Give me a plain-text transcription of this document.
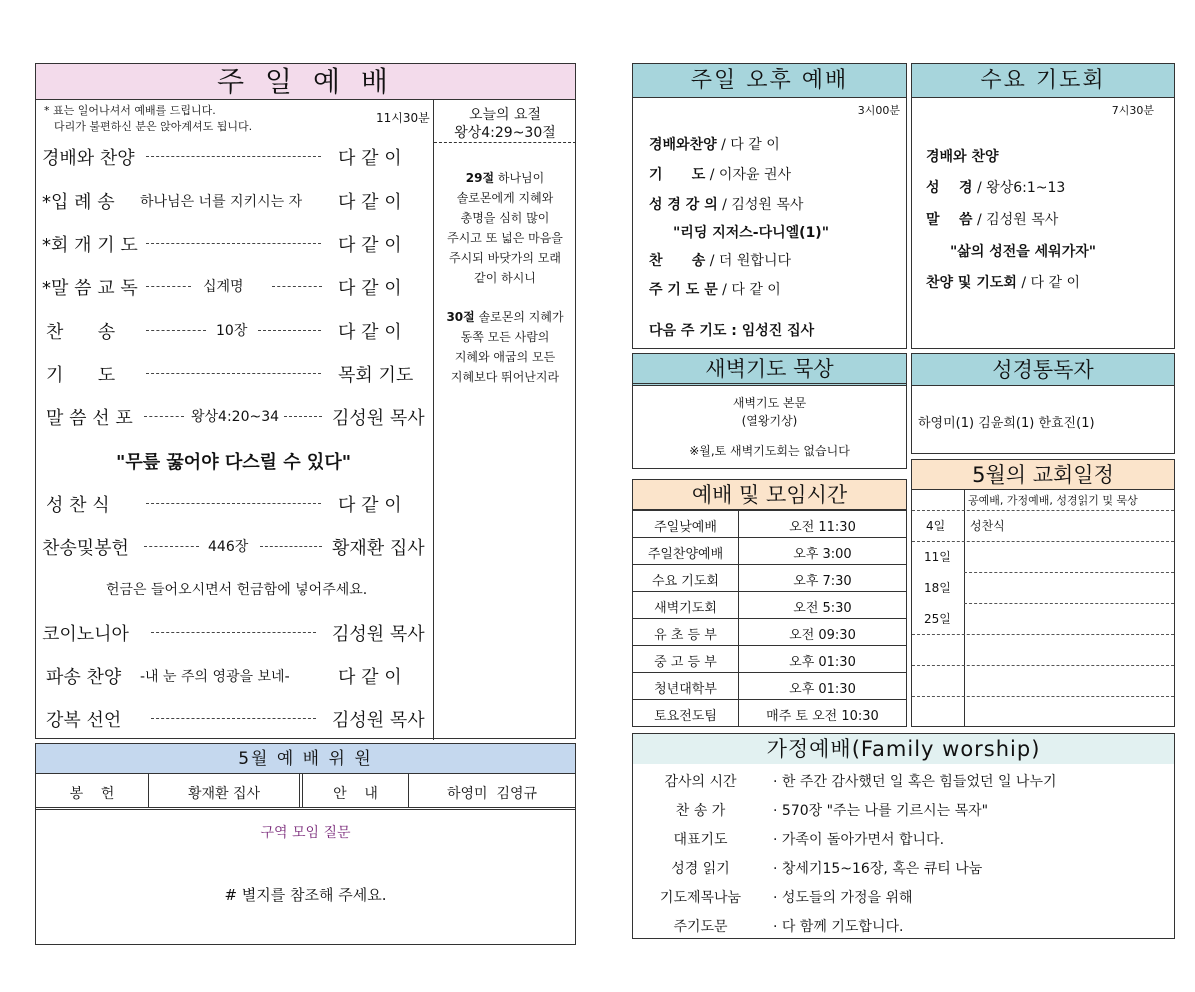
주 일 예 배
* 표는 일어나셔서 예배를 드립니다.
다리가 불편하신 분은 앉아계셔도 됩니다.
11시30분	오늘의 요절
왕상4:29~30절
29절 하나님이
솔로몬에게 지혜와
총명을 심히 많이
주시고 또 넓은 마음을
주시되 바닷가의 모래
같이 하시니
30절 솔로몬의 지혜가
동쪽 모든 사람의
지혜와 애굽의 모든
지혜보다 뛰어난지라
경배와 찬양	다 같 이
*입 례 송 하나님은 너를 지키시는 자 다 같 이
*회 개 기 도	다 같 이
*말 씀 교 독	십계명	다 같 이
찬      송	10장	다 같 이
기      도	목회 기도
말 씀 선 포	왕상4:20~34	김성원 목사
"무릎 꿇어야 다스릴 수 있다"
성 찬 식	다 같 이
찬송및봉헌	446장	황재환 집사
헌금은 들어오시면서 헌금함에 넣어주세요.
코이노니아	김성원 목사
파송 찬양 -내 눈 주의 영광을 보네-	다 같 이
강복 선언	김성원 목사
5월 예 배 위 원
봉    헌	황재환 집사	안    내	하영미  김영규
구역 모임 질문
# 별지를 참조해 주세요.
주일 오후 예배
3시00분
경배와찬양 / 다 같 이
기      도 / 이자윤 권사
성 경 강 의 / 김성원 목사
"리딩 지저스-다니엘(1)"
찬      송 / 더 원합니다
주 기 도 문 / 다 같 이
다음 주 기도 : 임성진 집사
수요 기도회
7시30분
경배와 찬양
성    경 / 왕상6:1~13
말    씀 / 김성원 목사
"삶의 성전을 세워가자"
찬양 및 기도회 / 다 같 이
새벽기도 묵상
새벽기도 본문
(열왕기상)
※월,토 새벽기도회는 없습니다
성경통독자
하영미(1) 김윤희(1) 한효진(1)
5월의 교회일정
공예배, 가정예배, 성경읽기 및 묵상
4일 성찬식
11일
18일
25일
예배 및 모임시간
주일낮예배	오전 11:30
주일찬양예배	오후 3:00
수요 기도회	오후 7:30
새벽기도회	오전 5:30
유 초 등 부	오전 09:30
중 고 등 부	오후 01:30
청년대학부	오후 01:30
토요전도팀	매주 토 오전 10:30
가정예배(Family worship)
감사의 시간	· 한 주간 감사했던 일 혹은 힘들었던 일 나누기
찬 송 가	· 570장 "주는 나를 기르시는 목자"
대표기도	· 가족이 돌아가면서 합니다.
성경 읽기	· 창세기15~16장, 혹은 큐티 나눔
기도제목나눔	· 성도들의 가정을 위해
주기도문	· 다 함께 기도합니다.
